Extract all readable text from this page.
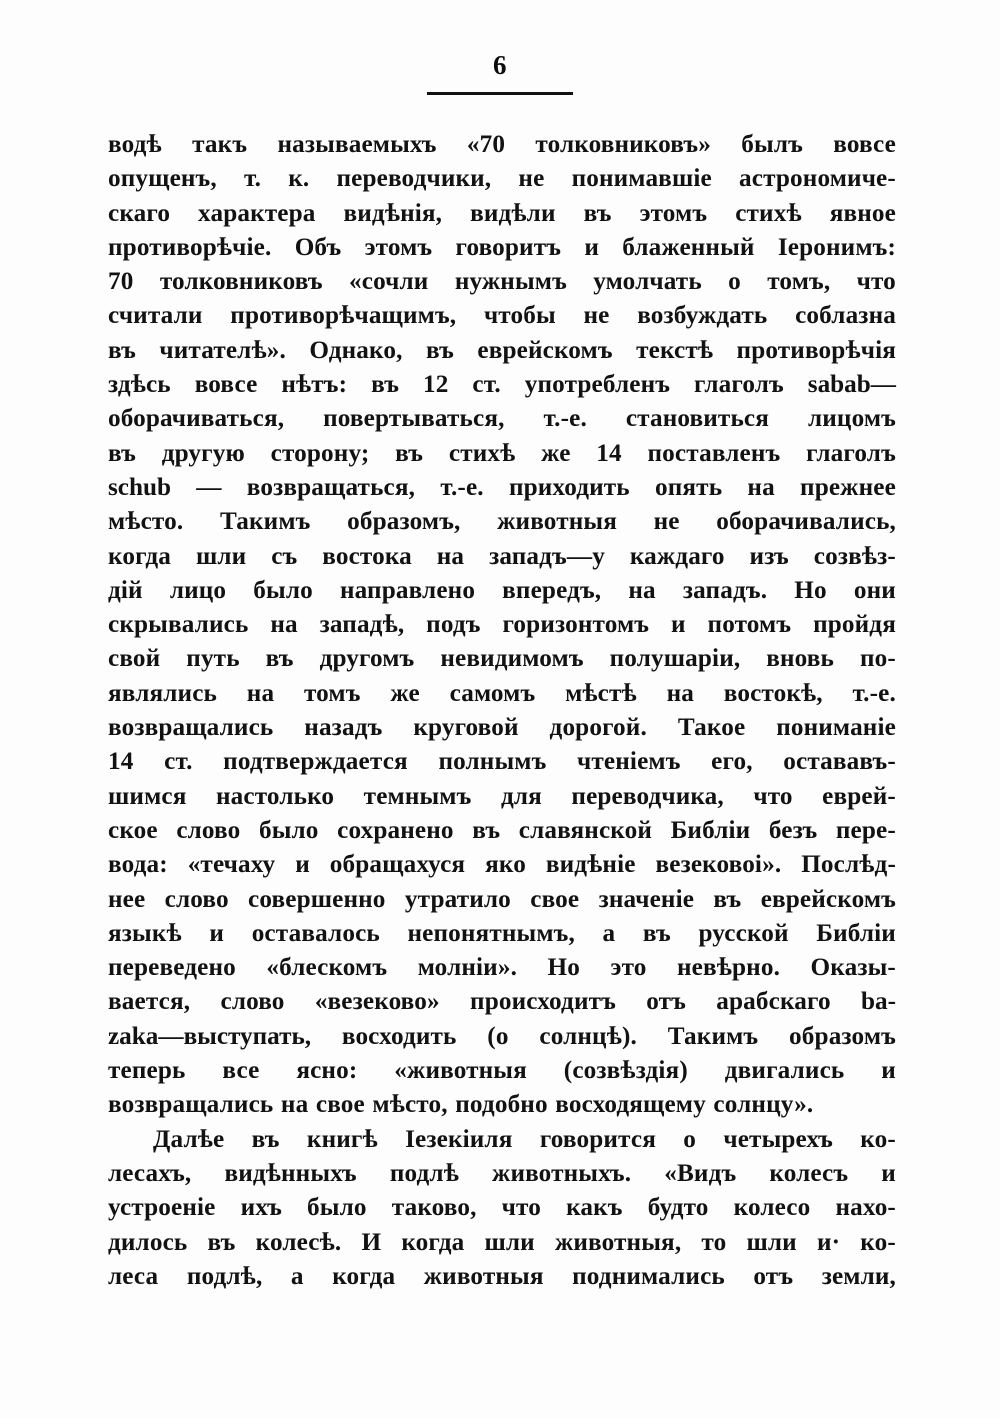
6
водѣ такъ называемыхъ «70 толковниковъ» былъ вовсе
опущенъ, т. к. переводчики, не понимавшіе астрономиче-
скаго характера видѣнія, видѣли въ этомъ стихѣ явное
противорѣчіе. Объ этомъ говоритъ и блаженный Іеронимъ:
70 толковниковъ «сочли нужнымъ умолчать о томъ, что
считали противорѣчащимъ, чтобы не возбуждать соблазна
въ читателѣ». Однако, въ еврейскомъ текстѣ противорѣчія
здѣсь вовсе нѣтъ: въ 12 ст. употребленъ глаголъ sabab—
оборачиваться, повертываться, т.-е. становиться лицомъ
въ другую сторону; въ стихѣ же 14 поставленъ глаголъ
schub — возвращаться, т.-е. приходить опять на прежнее
мѣсто. Такимъ образомъ, животныя не оборачивались,
когда шли съ востока на западъ—у каждаго изъ созвѣз-
дій лицо было направлено впередъ, на западъ. Но они
скрывались на западѣ, подъ горизонтомъ и потомъ пройдя
свой путь въ другомъ невидимомъ полушаріи, вновь по-
являлись на томъ же самомъ мѣстѣ на востокѣ, т.-е.
возвращались назадъ круговой дорогой. Такое пониманіе
14 ст. подтверждается полнымъ чтеніемъ его, остававъ-
шимся настолько темнымъ для переводчика, что еврей-
ское слово было сохранено въ славянской Библіи безъ пере-
вода: «течаху и обращахуся яко видѣніе везековоi». Послѣд-
нее слово совершенно утратило свое значеніе въ еврейскомъ
языкѣ и оставалось непонятнымъ, а въ русской Библіи
переведено «блескомъ молніи». Но это невѣрно. Оказы-
вается, слово «везеково» происходитъ отъ арабскаго ba-
zaka—выступать, восходить (о солнцѣ). Такимъ образомъ
теперь все ясно: «животныя (созвѣздія) двигались и
возвращались на свое мѣсто, подобно восходящему солнцу».
Далѣе въ книгѣ Іезекіиля говорится о четырехъ ко-
лесахъ, видѣнныхъ подлѣ животныхъ. «Видъ колесъ и
устроеніе ихъ было таково, что какъ будто колесо нахо-
дилось въ колесѣ. И когда шли животныя, то шли и· ко-
леса подлѣ, а когда животныя поднимались отъ земли,
